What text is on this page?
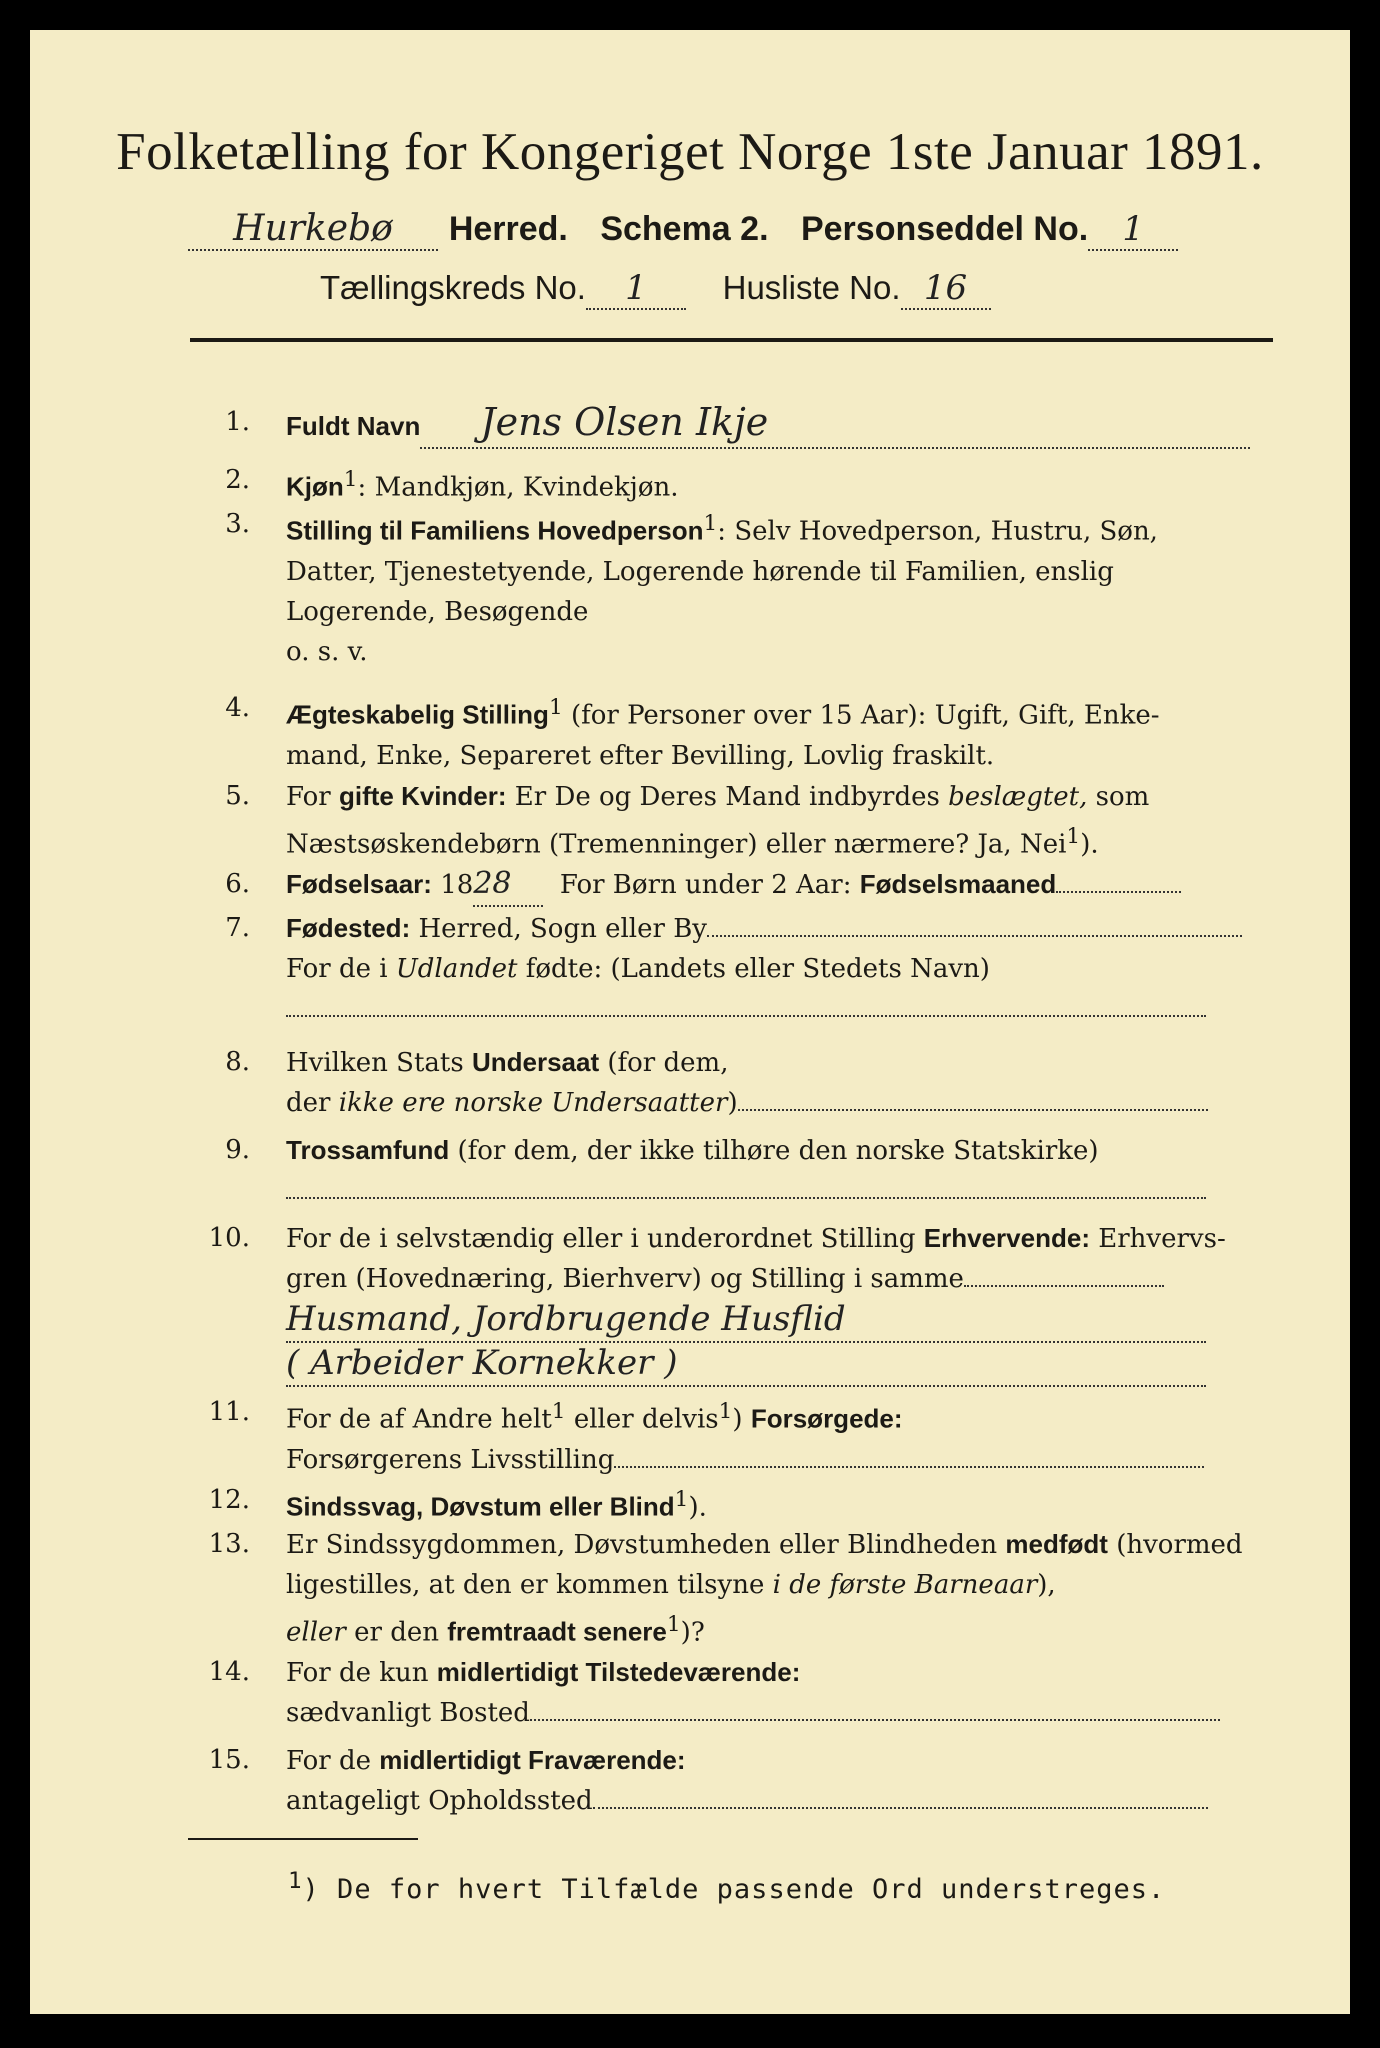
Folketælling for Kongeriget Norge 1ste Januar 1891.
Hurkebø Herred. Schema 2. Personseddel No. 1
Tællingskreds No. 1 Husliste No. 16
1. Fuldt Navn Jens Olsen Ikje
2. Kjøn$^1$: Mandkjøn, Kvindekjøn.
3. Stilling til Familiens Hovedperson$^1$: Selv Hovedperson, Hustru, Søn,
Datter, Tjenestetyende, Logerende hørende til Familien, enslig
Logerende, Besøgende
o. s. v.
4. Ægteskabelig Stilling$^1$ (for Personer over 15 Aar): Ugift, Gift, Enke-
mand, Enke, Separeret efter Bevilling, Lovlig fraskilt.
5. For gifte Kvinder: Er De og Deres Mand indbyrdes beslægtet, som
Næstsøskendebørn (Tremenninger) eller nærmere? Ja, Nei$^1$).
6. Fødselsaar: 1828 For Børn under 2 Aar: Fødselsmaaned
7. Fødested: Herred, Sogn eller By
For de i Udlandet fødte: (Landets eller Stedets Navn)

8. Hvilken Stats Undersaat (for dem,
der ikke ere norske Undersaatter)
9. Trossamfund (for dem, der ikke tilhøre den norske Statskirke)

10. For de i selvstændig eller i underordnet Stilling Erhvervende: Erhvervs-
gren (Hovednæring, Bierhverv) og Stilling i samme
Husmand, Jordbrugende Husflid
( Arbeider Kornekker )
11. For de af Andre helt$^1$ eller delvis$^1$) Forsørgede:
Forsørgerens Livsstilling
12. Sindssvag, Døvstum eller Blind$^1$).
13. Er Sindssygdommen, Døvstumheden eller Blindheden medfødt (hvormed
ligestilles, at den er kommen tilsyne i de første Barneaar),
eller er den fremtraadt senere$^1$)?
14. For de kun midlertidigt Tilstedeværende:
sædvanligt Bosted
15. For de midlertidigt Fraværende:
antageligt Opholdssted
$^1$) De for hvert Tilfælde passende Ord understreges.
